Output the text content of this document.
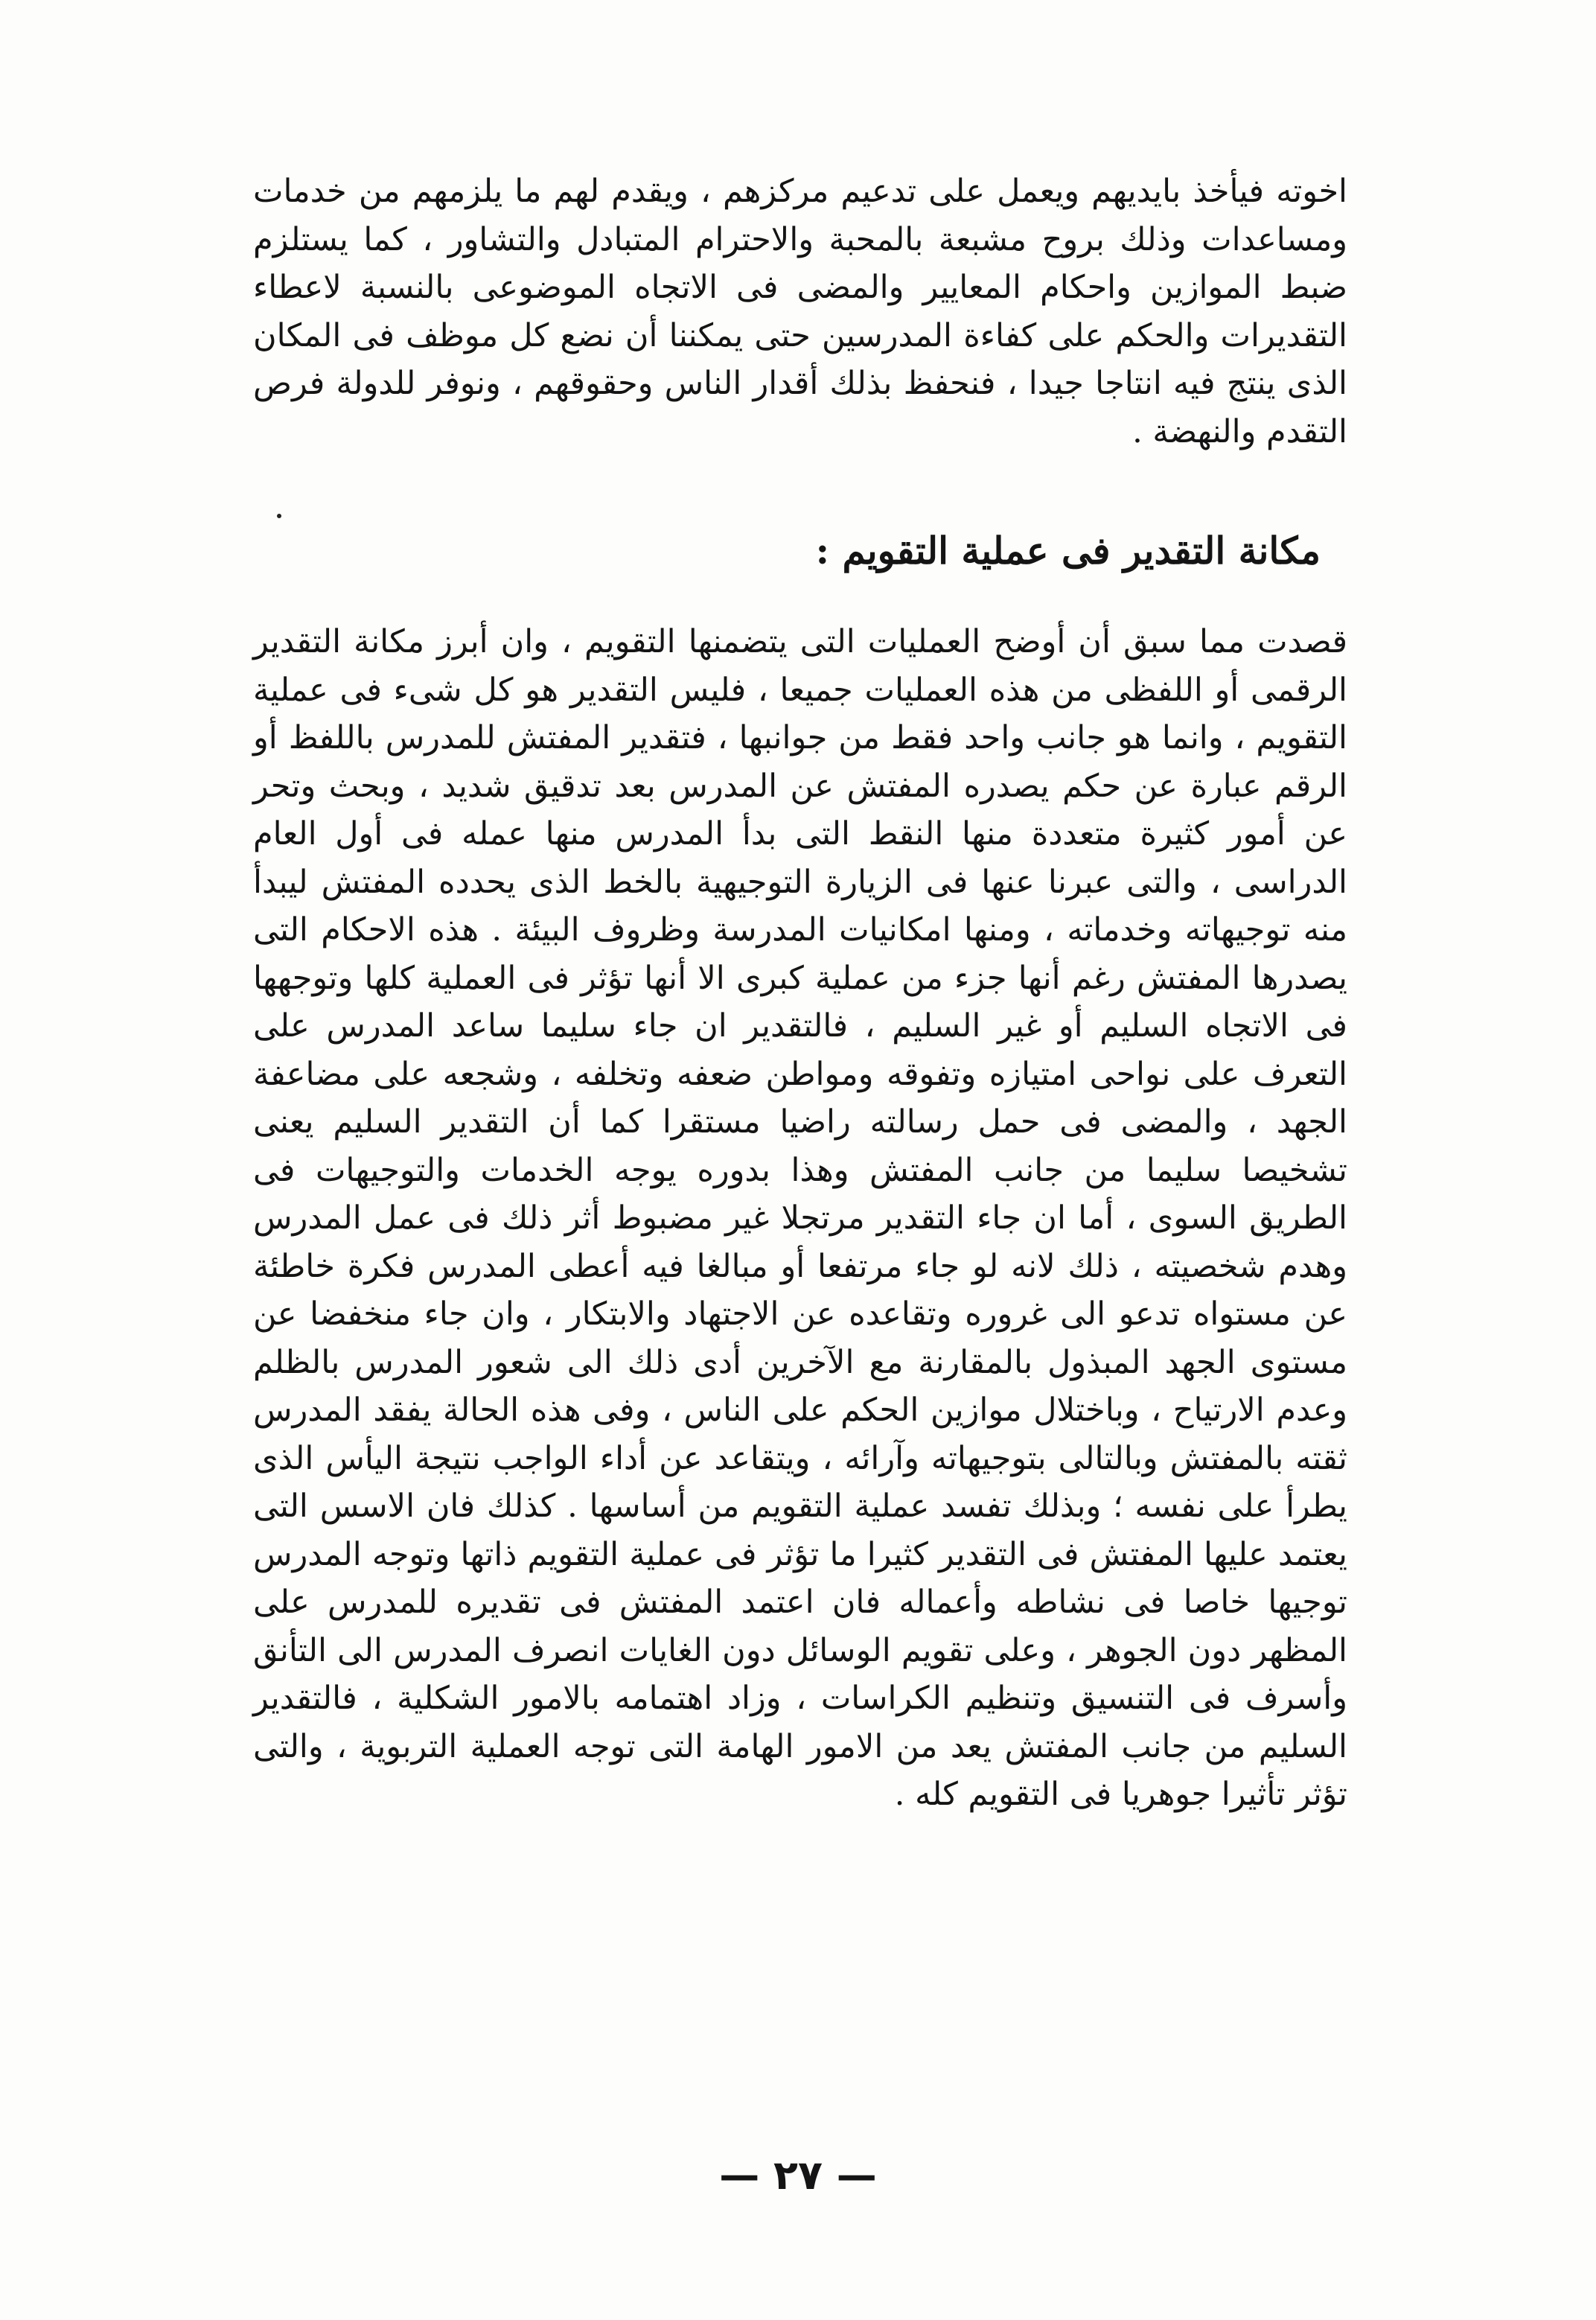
اخوته فيأخذ بايديهم ويعمل على تدعيم مركزهم ، ويقدم لهم ما يلزمهم من خدمات ومساعدات وذلك بروح مشبعة بالمحبة والاحترام المتبادل والتشاور ، كما يستلزم ضبط الموازين واحكام المعايير والمضى فى الاتجاه الموضوعى بالنسبة لاعطاء التقديرات والحكم على كفاءة المدرسين حتى يمكننا أن نضع كل موظف فى المكان الذى ينتج فيه انتاجا جيدا ، فنحفظ بذلك أقدار الناس وحقوقهم ، ونوفر للدولة فرص التقدم والنهضة .
مكانة التقدير فى عملية التقويم :
قصدت مما سبق أن أوضح العمليات التى يتضمنها التقويم ، وان أبرز مكانة التقدير الرقمى أو اللفظى من هذه العمليات جميعا ، فليس التقدير هو كل شىء فى عملية التقويم ، وانما هو جانب واحد فقط من جوانبها ، فتقدير المفتش للمدرس باللفظ أو الرقم عبارة عن حكم يصدره المفتش عن المدرس بعد تدقيق شديد ، وبحث وتحر عن أمور كثيرة متعددة منها النقط التى بدأ المدرس منها عمله فى أول العام الدراسى ، والتى عبرنا عنها فى الزيارة التوجيهية بالخط الذى يحدده المفتش ليبدأ منه توجيهاته وخدماته ، ومنها امكانيات المدرسة وظروف البيئة . هذه الاحكام التى يصدرها المفتش رغم أنها جزء من عملية كبرى الا أنها تؤثر فى العملية كلها وتوجهها فى الاتجاه السليم أو غير السليم ، فالتقدير ان جاء سليما ساعد المدرس على التعرف على نواحى امتيازه وتفوقه ومواطن ضعفه وتخلفه ، وشجعه على مضاعفة الجهد ، والمضى فى حمل رسالته راضيا مستقرا كما أن التقدير السليم يعنى تشخيصا سليما من جانب المفتش وهذا بدوره يوجه الخدمات والتوجيهات فى الطريق السوى ، أما ان جاء التقدير مرتجلا غير مضبوط أثر ذلك فى عمل المدرس وهدم شخصيته ، ذلك لانه لو جاء مرتفعا أو مبالغا فيه أعطى المدرس فكرة خاطئة عن مستواه تدعو الى غروره وتقاعده عن الاجتهاد والابتكار ، وان جاء منخفضا عن مستوى الجهد المبذول بالمقارنة مع الآخرين أدى ذلك الى شعور المدرس بالظلم وعدم الارتياح ، وباختلال موازين الحكم على الناس ، وفى هذه الحالة يفقد المدرس ثقته بالمفتش وبالتالى بتوجيهاته وآرائه ، ويتقاعد عن أداء الواجب نتيجة اليأس الذى يطرأ على نفسه ؛ وبذلك تفسد عملية التقويم من أساسها . كذلك فان الاسس التى يعتمد عليها المفتش فى التقدير كثيرا ما تؤثر فى عملية التقويم ذاتها وتوجه المدرس توجيها خاصا فى نشاطه وأعماله فان اعتمد المفتش فى تقديره للمدرس على المظهر دون الجوهر ، وعلى تقويم الوسائل دون الغايات انصرف المدرس الى التأنق وأسرف فى التنسيق وتنظيم الكراسات ، وزاد اهتمامه بالامور الشكلية ، فالتقدير السليم من جانب المفتش يعد من الامور الهامة التى توجه العملية التربوية ، والتى تؤثر تأثيرا جوهريا فى التقويم كله .
— ٢٧ —
